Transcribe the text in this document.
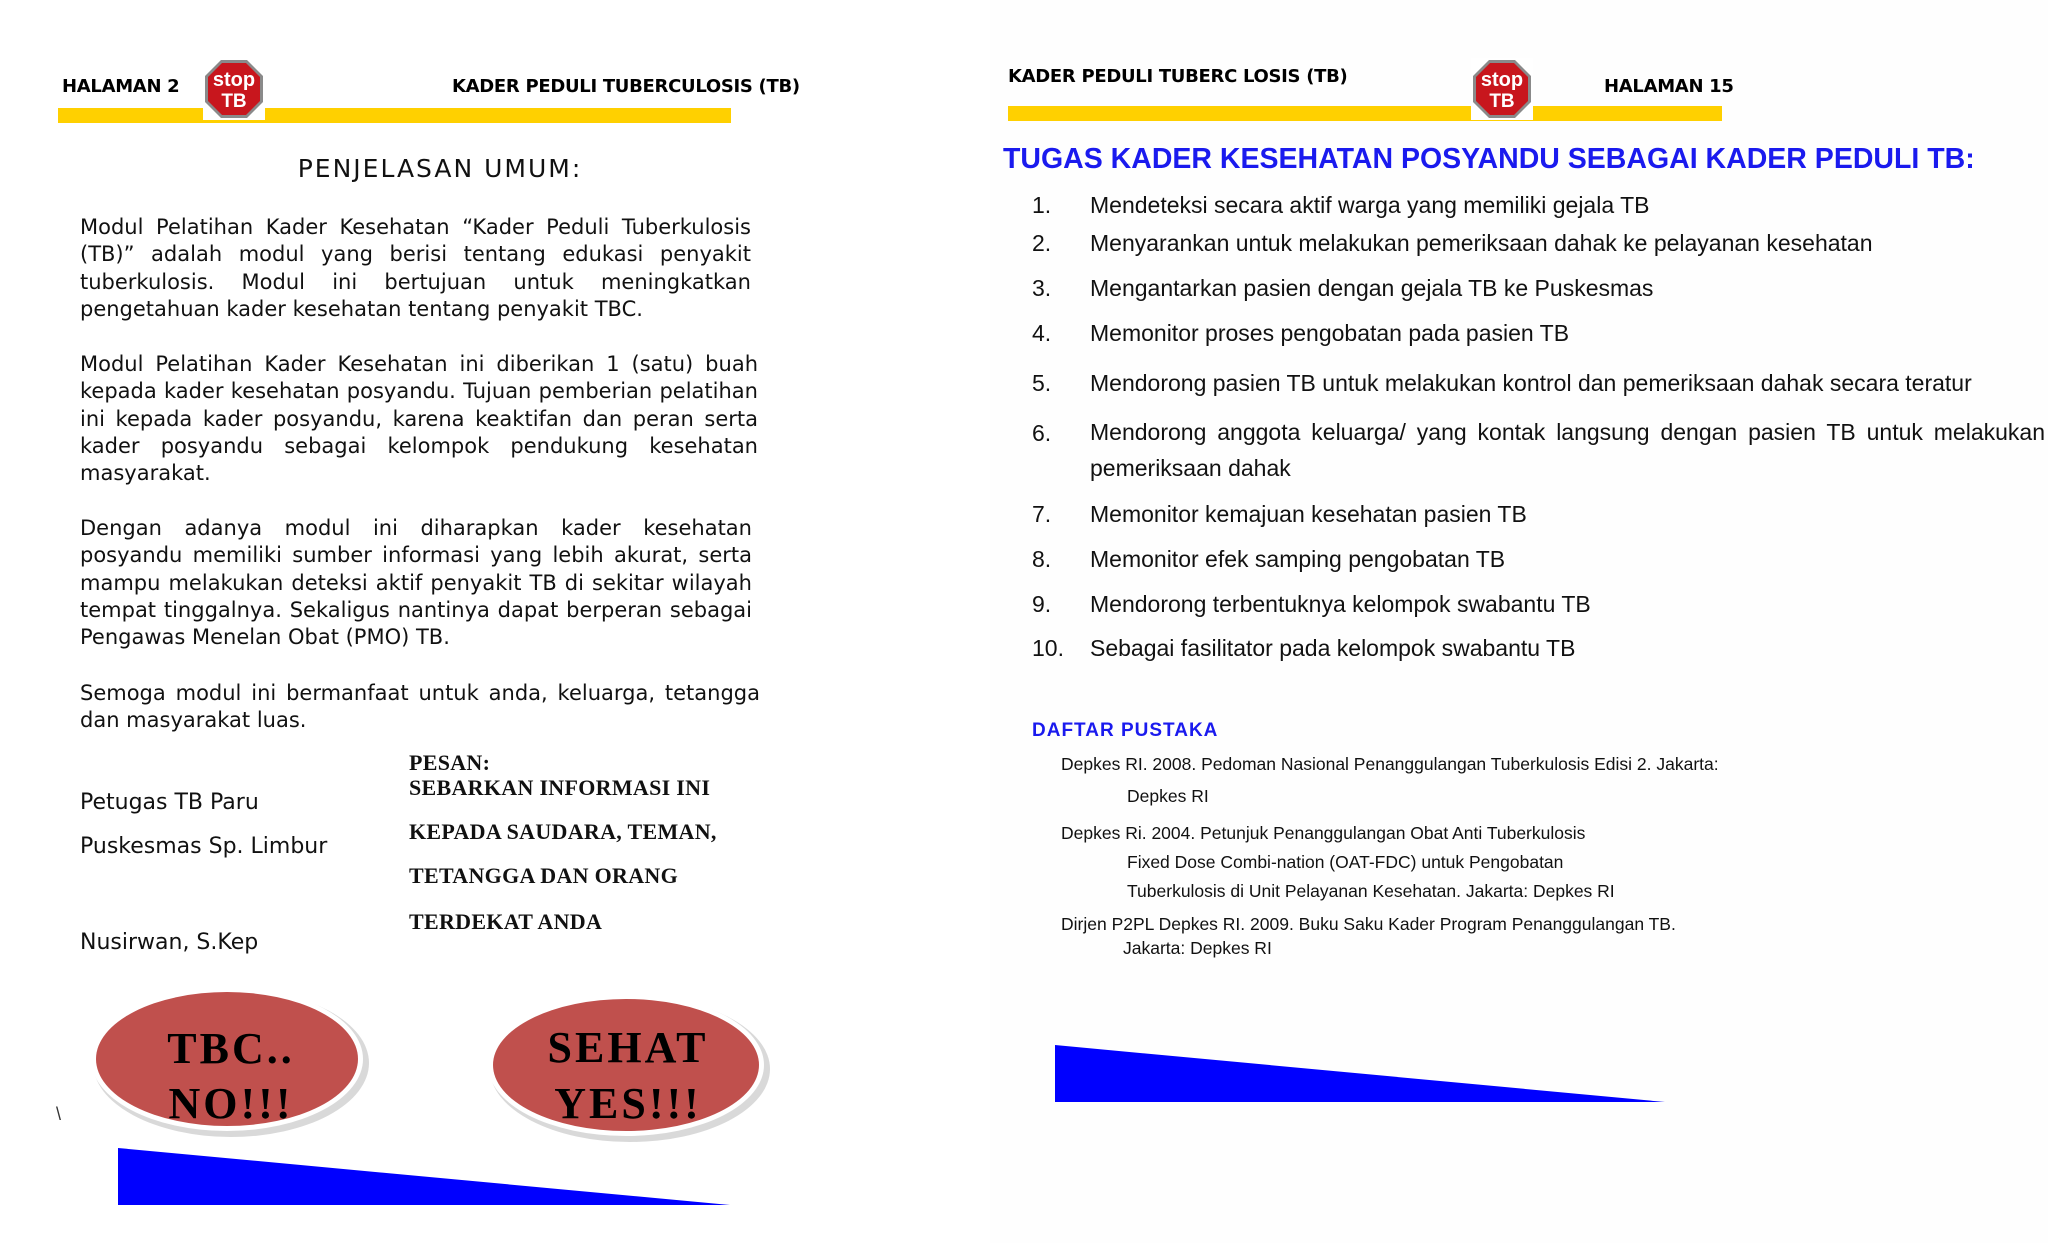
HALAMAN 2	KADER PEDULI TUBERCULOSIS (TB)
stop
TB
PENJELASAN UMUM:
Modul Pelatihan Kader Kesehatan “Kader Peduli Tuberkulosis (TB)” adalah modul yang berisi tentang edukasi penyakit tuberkulosis. Modul ini bertujuan untuk meningkatkan pengetahuan kader kesehatan tentang penyakit TBC.
Modul Pelatihan Kader Kesehatan ini diberikan 1 (satu) buah kepada kader kesehatan posyandu. Tujuan pemberian pelatihan ini kepada kader posyandu, karena keaktifan dan peran serta kader posyandu sebagai kelompok pendukung kesehatan masyarakat.
Dengan adanya modul ini diharapkan kader kesehatan posyandu memiliki sumber informasi yang lebih akurat, serta mampu melakukan deteksi aktif penyakit TB di sekitar wilayah tempat tinggalnya. Sekaligus nantinya dapat berperan sebagai Pengawas Menelan Obat (PMO) TB.
Semoga modul ini bermanfaat untuk anda, keluarga, tetangga dan masyarakat luas.
Petugas TB Paru
Puskesmas Sp. Limbur
Nusirwan, S.Kep
PESAN:
SEBARKAN INFORMASI INI
KEPADA SAUDARA, TEMAN,
TETANGGA DAN ORANG
TERDEKAT ANDA
TBC..
NO!!!
SEHAT
YES!!!
\
KADER PEDULI TUBERC LOSIS (TB)	HALAMAN 15
stop
TB
TUGAS KADER KESEHATAN POSYANDU SEBAGAI KADER PEDULI TB:
1. Mendeteksi secara aktif warga yang memiliki gejala TB
2. Menyarankan untuk melakukan pemeriksaan dahak ke pelayanan kesehatan
3. Mengantarkan pasien dengan gejala TB ke Puskesmas
4. Memonitor proses pengobatan pada pasien TB
5. Mendorong pasien TB untuk melakukan kontrol dan pemeriksaan dahak secara teratur
6. Mendorong anggota keluarga/ yang kontak langsung dengan pasien TB untuk melakukan pemeriksaan dahak
7. Memonitor kemajuan kesehatan pasien TB
8. Memonitor efek samping pengobatan TB
9. Mendorong terbentuknya kelompok swabantu TB
10. Sebagai fasilitator pada kelompok swabantu TB
DAFTAR PUSTAKA
Depkes RI. 2008. Pedoman Nasional Penanggulangan Tuberkulosis Edisi 2. Jakarta:
Depkes RI
Depkes Ri. 2004. Petunjuk Penanggulangan Obat Anti Tuberkulosis
Fixed Dose Combi-nation (OAT-FDC) untuk Pengobatan
Tuberkulosis di Unit Pelayanan Kesehatan. Jakarta: Depkes RI
Dirjen P2PL Depkes RI. 2009. Buku Saku Kader Program Penanggulangan TB.
Jakarta: Depkes RI
